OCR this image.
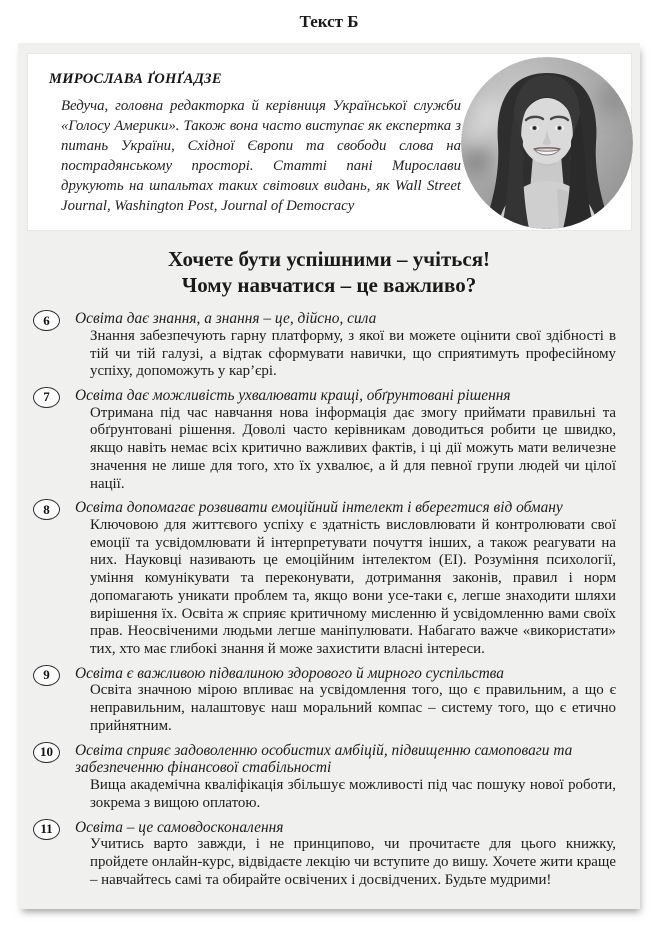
Текст Б
МИРОСЛАВА ҐОНҐАДЗЕ

Ведуча, головна редакторка й керівниця Української служби «Голосу Америки». Також вона часто виступає як експертка з питань України, Східної Європи та свободи слова на пострадянському просторі. Статті пані Мирослави друкують на шпальтах таких світових видань, як Wall Street Journal, Washington Post, Journal of Democracy

Хочете бути успішними – учіться!
Чому навчатися – це важливо?
6	Освіта дає знання, а знання – це, дійсно, сила

Знання забезпечують гарну платформу, з якої ви можете оцінити свої здібності в тій чи тій галузі, а відтак сформувати навички, що сприятимуть професійному успіху, допоможуть у кар’єрі.

7	Освіта дає можливість ухвалювати кращі, обґрунтовані рішення

Отримана під час навчання нова інформація дає змогу приймати правильні та обґрунтовані рішення. Доволі часто керівникам доводиться робити це швидко, якщо навіть немає всіх критично важливих фактів, і ці дії можуть мати величезне значення не лише для того, хто їх ухвалює, а й для певної групи людей чи цілої нації.

8	Освіта допомагає розвивати емоційний інтелект і вберегтися від обману

Ключовою для життєвого успіху є здатність висловлювати й контролювати свої емоції та усвідомлювати й інтерпретувати почуття інших, а також реагувати на них. Науковці називають це емоційним інтелектом (ЕІ). Розуміння психології, уміння комунікувати та переконувати, дотримання законів, правил і норм допомагають уникати проблем та, якщо вони усе-таки є, легше знаходити шляхи вирішення їх. Освіта ж сприяє критичному мисленню й усвідомленню вами своїх прав. Неосвіченими людьми легше маніпулювати. Набагато важче «використати» тих, хто має глибокі знання й може захистити власні інтереси.

9	Освіта є важливою підвалиною здорового й мирного суспільства

Освіта значною мірою впливає на усвідомлення того, що є правильним, а що є неправильним, налаштовує наш моральний компас – систему того, що є етично прийнятним.

10	Освіта сприяє задоволенню особистих амбіцій, підвищенню самоповаги та забезпеченню фінансової стабільності

Вища академічна кваліфікація збільшує можливості під час пошуку нової роботи, зокрема з вищою оплатою.

11	Освіта – це самовдосконалення

Учитись варто завжди, і не принципово, чи прочитаєте для цього книжку, пройдете онлайн-курс, відвідаєте лекцію чи вступите до вишу. Хочете жити краще – навчайтесь самі та обирайте освічених і досвідчених. Будьте мудрими!
